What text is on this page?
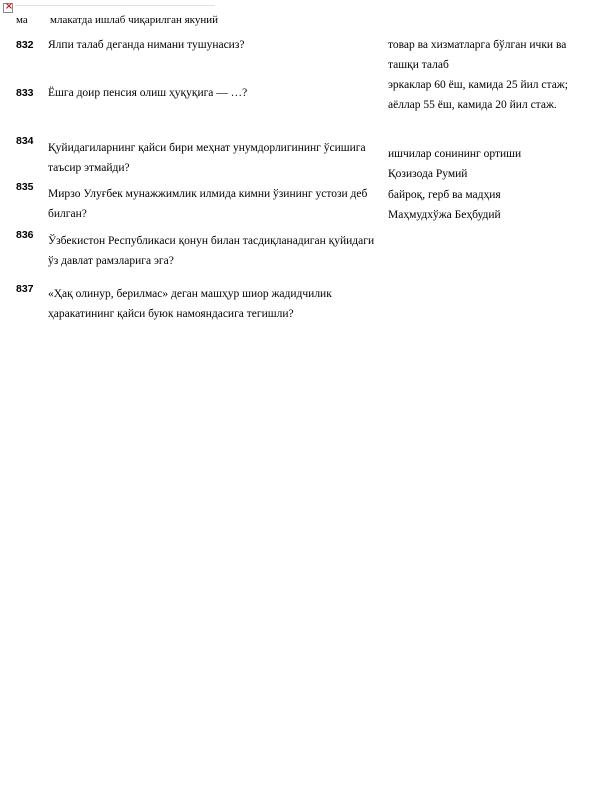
×
ма млакатда ишлаб чиқарилган якуний
832 Ялпи талаб деганда нимани тушунасиз?
833 Ёшга доир пенсия олиш ҳуқуқига — …?
834
Қуйидагиларнинг қайси бири меҳнат унумдорлигининг ўсишига таъсир этмайди?
835
Мирзо Улуғбек мунажжимлик илмида кимни ўзининг устози деб билган?
836 Ўзбекистон Республикаси қонун билан тасдиқланадиган қуйидаги ўз давлат рамзларига эга?
837 «Ҳақ олинур, берилмас» деган машҳур шиор жадидчилик ҳаракатининг қайси буюк намояндасига тегишли?
товар ва хизматларга бўлган ички ва ташқи талаб
эркаклар 60 ёш, камида 25 йил стаж; аёллар 55 ёш, камида 20 йил стаж.
ишчилар сонининг ортиши
Қозизода Румий
байроқ, герб ва мадҳия
Маҳмудхўжа Беҳбудий
